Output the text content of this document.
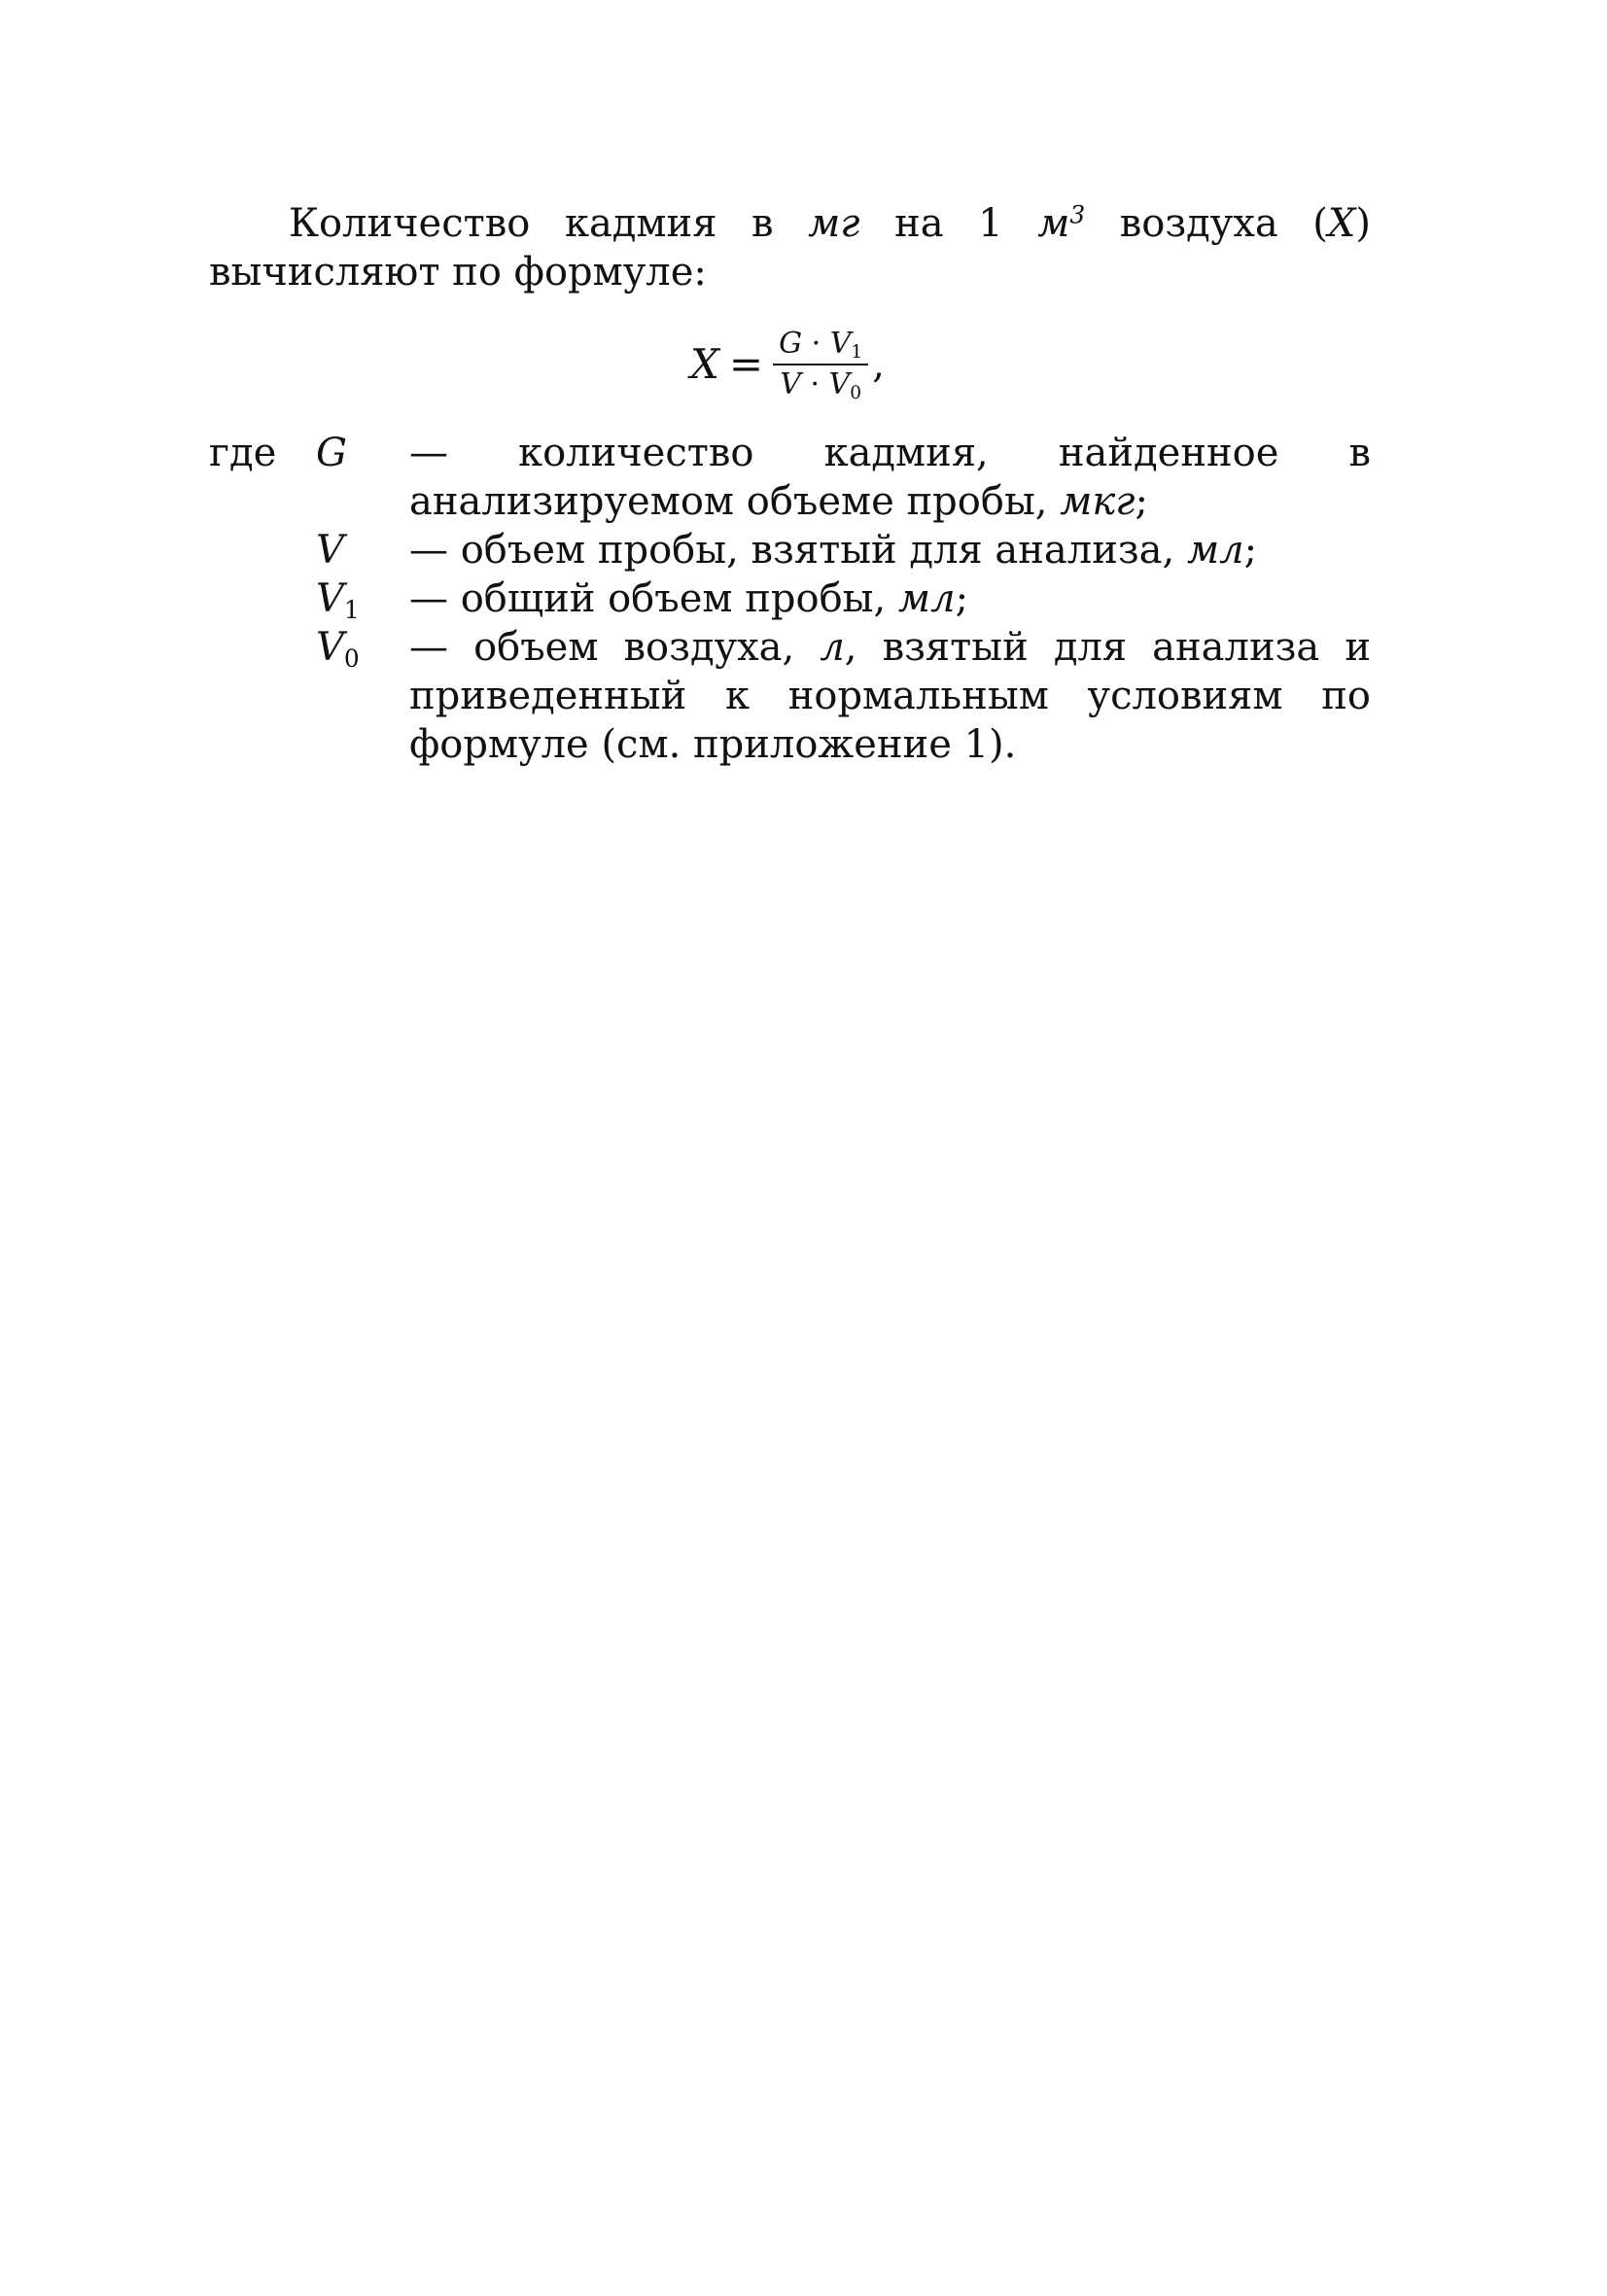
Количество кадмия в мг на 1 $м^3$ воздуха (X) вычисляют по формуле:

$X = \frac{G \cdot V_1}{V \cdot V_0}$ ,
где	G	— количество кадмия, найденное в анализируемом объеме пробы, мкг;

V	— объем пробы, взятый для анализа, мл;

$V_1$	— общий объем пробы, мл;

$V_0$	— объем воздуха, л, взятый для анализа и приведенный к нормальным условиям по формуле (см. приложение 1).
